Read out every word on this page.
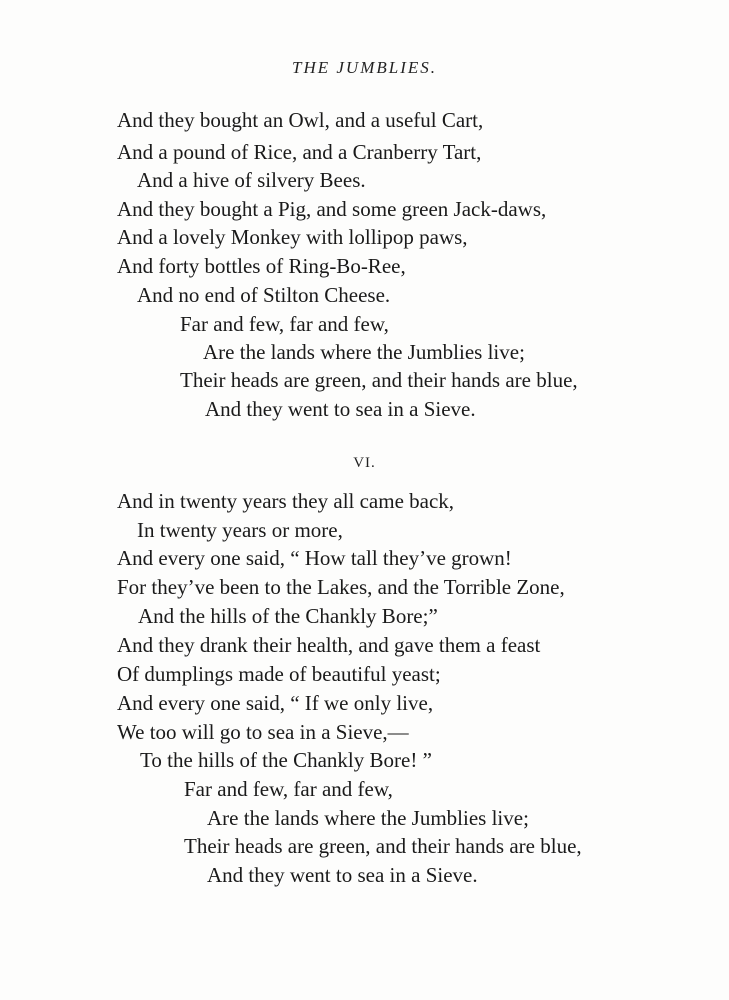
THE JUMBLIES.
And they bought an Owl, and a useful Cart,
And a pound of Rice, and a Cranberry Tart,
And a hive of silvery Bees.
And they bought a Pig, and some green Jack-daws,
And a lovely Monkey with lollipop paws,
And forty bottles of Ring-Bo-Ree,
And no end of Stilton Cheese.
Far and few, far and few,
Are the lands where the Jumblies live;
Their heads are green, and their hands are blue,
And they went to sea in a Sieve.
VI.
And in twenty years they all came back,
In twenty years or more,
And every one said, “ How tall they’ve grown!
For they’ve been to the Lakes, and the Torrible Zone,
And the hills of the Chankly Bore;”
And they drank their health, and gave them a feast
Of dumplings made of beautiful yeast;
And every one said, “ If we only live,
We too will go to sea in a Sieve,—
To the hills of the Chankly Bore! ”
Far and few, far and few,
Are the lands where the Jumblies live;
Their heads are green, and their hands are blue,
And they went to sea in a Sieve.
